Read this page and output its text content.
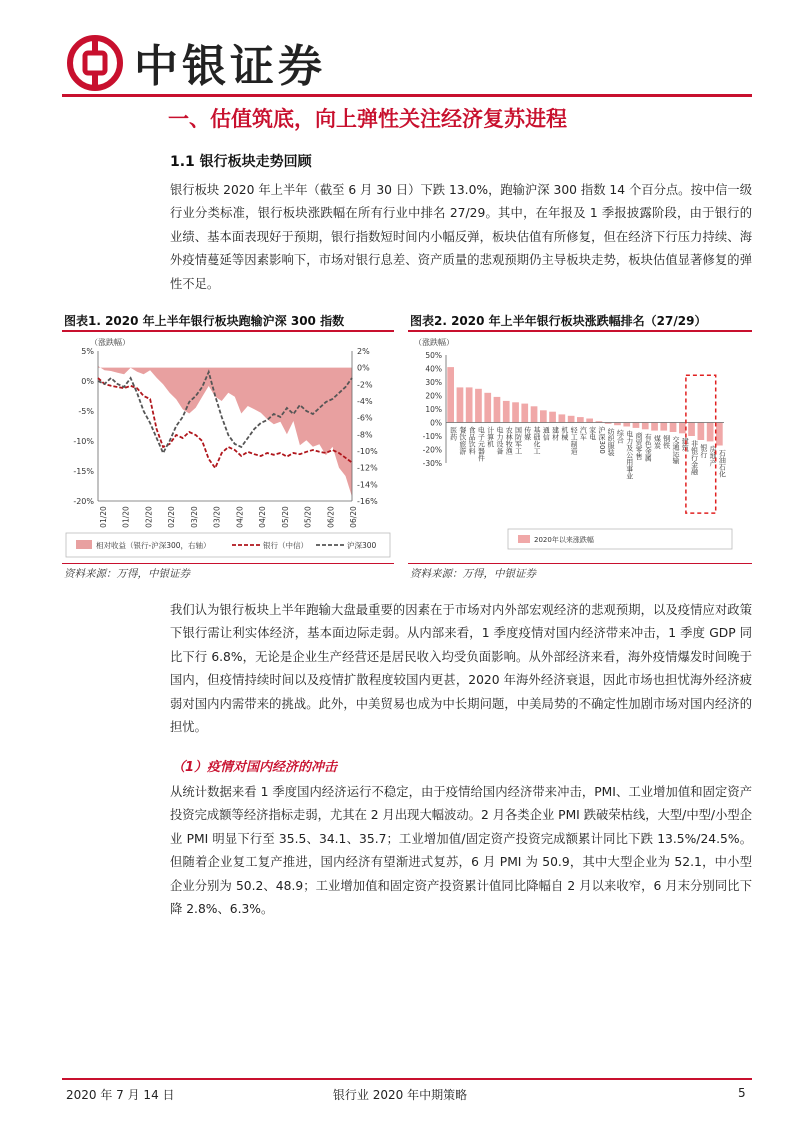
中银证券
一、估值筑底，向上弹性关注经济复苏进程
1.1 银行板块走势回顾
银行板块 2020 年上半年（截至 6 月 30 日）下跌 13.0%，跑输沪深 300 指数 14 个百分点。按中信一级行业分类标准，银行板块涨跌幅在所有行业中排名 27/29。其中，在年报及 1 季报披露阶段，由于银行的业绩、基本面表现好于预期，银行指数短时间内小幅反弹，板块估值有所修复，但在经济下行压力持续、海外疫情蔓延等因素影响下，市场对银行息差、资产质量的悲观预期仍主导板块走势，板块估值显著修复的弹性不足。
图表1. 2020 年上半年银行板块跑输沪深 300 指数
（涨跌幅）
5%
0%
-5%
-10%
-15%
-20%
2%
0%
-2%
-4%
-6%
-8%
-10%
-12%
-14%
-16%
01/20 01/20 02/20 02/20 03/20 03/20 04/20 04/20 05/20 05/20 06/20 06/20
相对收益（银行-沪深300，右轴）	银行（中信）	沪深300
资料来源：万得，中银证券
图表2. 2020 年上半年银行板块涨跌幅排名（27/29）
（涨跌幅）
50%
40%
30%
20%
10%
0%
-10%
-20%
-30%
医药 餐饮旅游 食品饮料 电子元器件 计算机 电力设备 农林牧渔 国防军工 传媒 基础化工 通信 建材 机械 轻工制造 汽车 家电 沪深300 纺织服装 综合 电力及公用事业 商贸零售 有色金属 煤炭 钢铁 交通运输 建筑 非银行金融 银行 房地产 石油石化
2020年以来涨跌幅
资料来源：万得，中银证券
我们认为银行板块上半年跑输大盘最重要的因素在于市场对内外部宏观经济的悲观预期，以及疫情应对政策下银行需让利实体经济，基本面边际走弱。从内部来看，1 季度疫情对国内经济带来冲击，1 季度 GDP 同比下行 6.8%，无论是企业生产经营还是居民收入均受负面影响。从外部经济来看，海外疫情爆发时间晚于国内，但疫情持续时间以及疫情扩散程度较国内更甚，2020 年海外经济衰退，因此市场也担忧海外经济疲弱对国内内需带来的挑战。此外，中美贸易也成为中长期问题，中美局势的不确定性加剧市场对国内经济的担忧。
（1）疫情对国内经济的冲击
从统计数据来看 1 季度国内经济运行不稳定，由于疫情给国内经济带来冲击，PMI、工业增加值和固定资产投资完成额等经济指标走弱，尤其在 2 月出现大幅波动。2 月各类企业 PMI 跌破荣枯线，大型/中型/小型企业 PMI 明显下行至 35.5、34.1、35.7；工业增加值/固定资产投资完成额累计同比下跌 13.5%/24.5%。但随着企业复工复产推进，国内经济有望渐进式复苏，6 月 PMI 为 50.9，其中大型企业为 52.1，中小型企业分别为 50.2、48.9；工业增加值和固定资产投资累计值同比降幅自 2 月以来收窄，6 月末分别同比下降 2.8%、6.3%。
2020 年 7 月 14 日	银行业 2020 年中期策略	5
